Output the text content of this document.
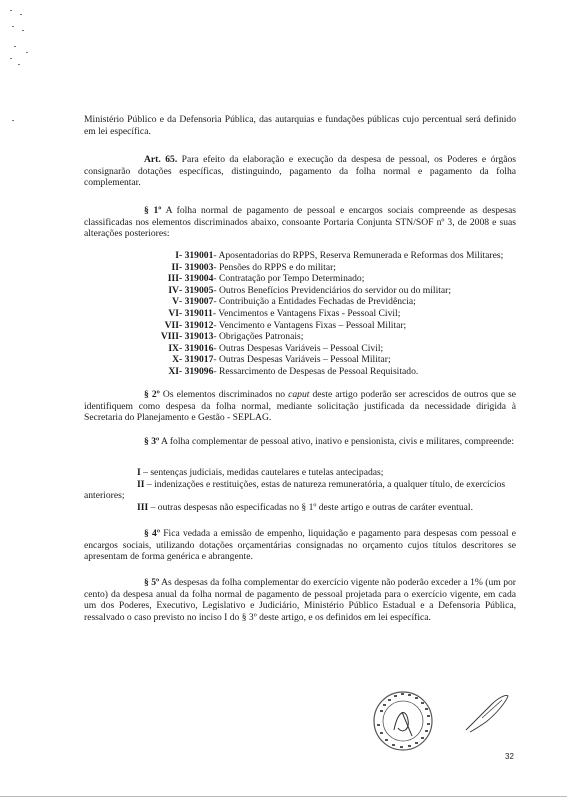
Ministério Público e da Defensoria Pública, das autarquias e fundações públicas cujo percentual será definido em lei específica.

Art. 65. Para efeito da elaboração e execução da despesa de pessoal, os Poderes e órgãos consignarão dotações específicas, distinguindo, pagamento da folha normal e pagamento da folha complementar.

§ 1º A folha normal de pagamento de pessoal e encargos sociais compreende as despesas classificadas nos elementos discriminados abaixo, consoante Portaria Conjunta STN/SOF nº 3, de 2008 e suas alterações posteriores:

I - 319001 - Aposentadorias do RPPS, Reserva Remunerada e Reformas dos Militares;
II - 319003 - Pensões do RPPS e do militar;
III - 319004 - Contratação por Tempo Determinado;
IV - 319005 - Outros Benefícios Previdenciários do servidor ou do militar;
V - 319007 - Contribuição a Entidades Fechadas de Previdência;
VI - 319011 - Vencimentos e Vantagens Fixas - Pessoal Civil;
VII - 319012 - Vencimento e Vantagens Fixas – Pessoal Militar;
VIII - 319013 - Obrigações Patronais;
IX - 319016 - Outras Despesas Variáveis – Pessoal Civil;
X - 319017 - Outras Despesas Variáveis – Pessoal Militar;
XI - 319096 - Ressarcimento de Despesas de Pessoal Requisitado.

§ 2º Os elementos discriminados no caput deste artigo poderão ser acrescidos de outros que se identifiquem como despesa da folha normal, mediante solicitação justificada da necessidade dirigida à Secretaria do Planejamento e Gestão - SEPLAG.

§ 3º A folha complementar de pessoal ativo, inativo e pensionista, civis e militares, compreende:

I – sentenças judiciais, medidas cautelares e tutelas antecipadas;

II – indenizações e restituições, estas de natureza remuneratória, a qualquer título, de exercícios anteriores;

III – outras despesas não especificadas no § 1º deste artigo e outras de caráter eventual.

§ 4º Fica vedada a emissão de empenho, liquidação e pagamento para despesas com pessoal e encargos sociais, utilizando dotações orçamentárias consignadas no orçamento cujos títulos descritores se apresentam de forma genérica e abrangente.

§ 5º As despesas da folha complementar do exercício vigente não poderão exceder a 1% (um por cento) da despesa anual da folha normal de pagamento de pessoal projetada para o exercício vigente, em cada um dos Poderes, Executivo, Legislativo e Judiciário, Ministério Público Estadual e a Defensoria Pública, ressalvado o caso previsto no inciso I do § 3º deste artigo, e os definidos em lei específica.

32
